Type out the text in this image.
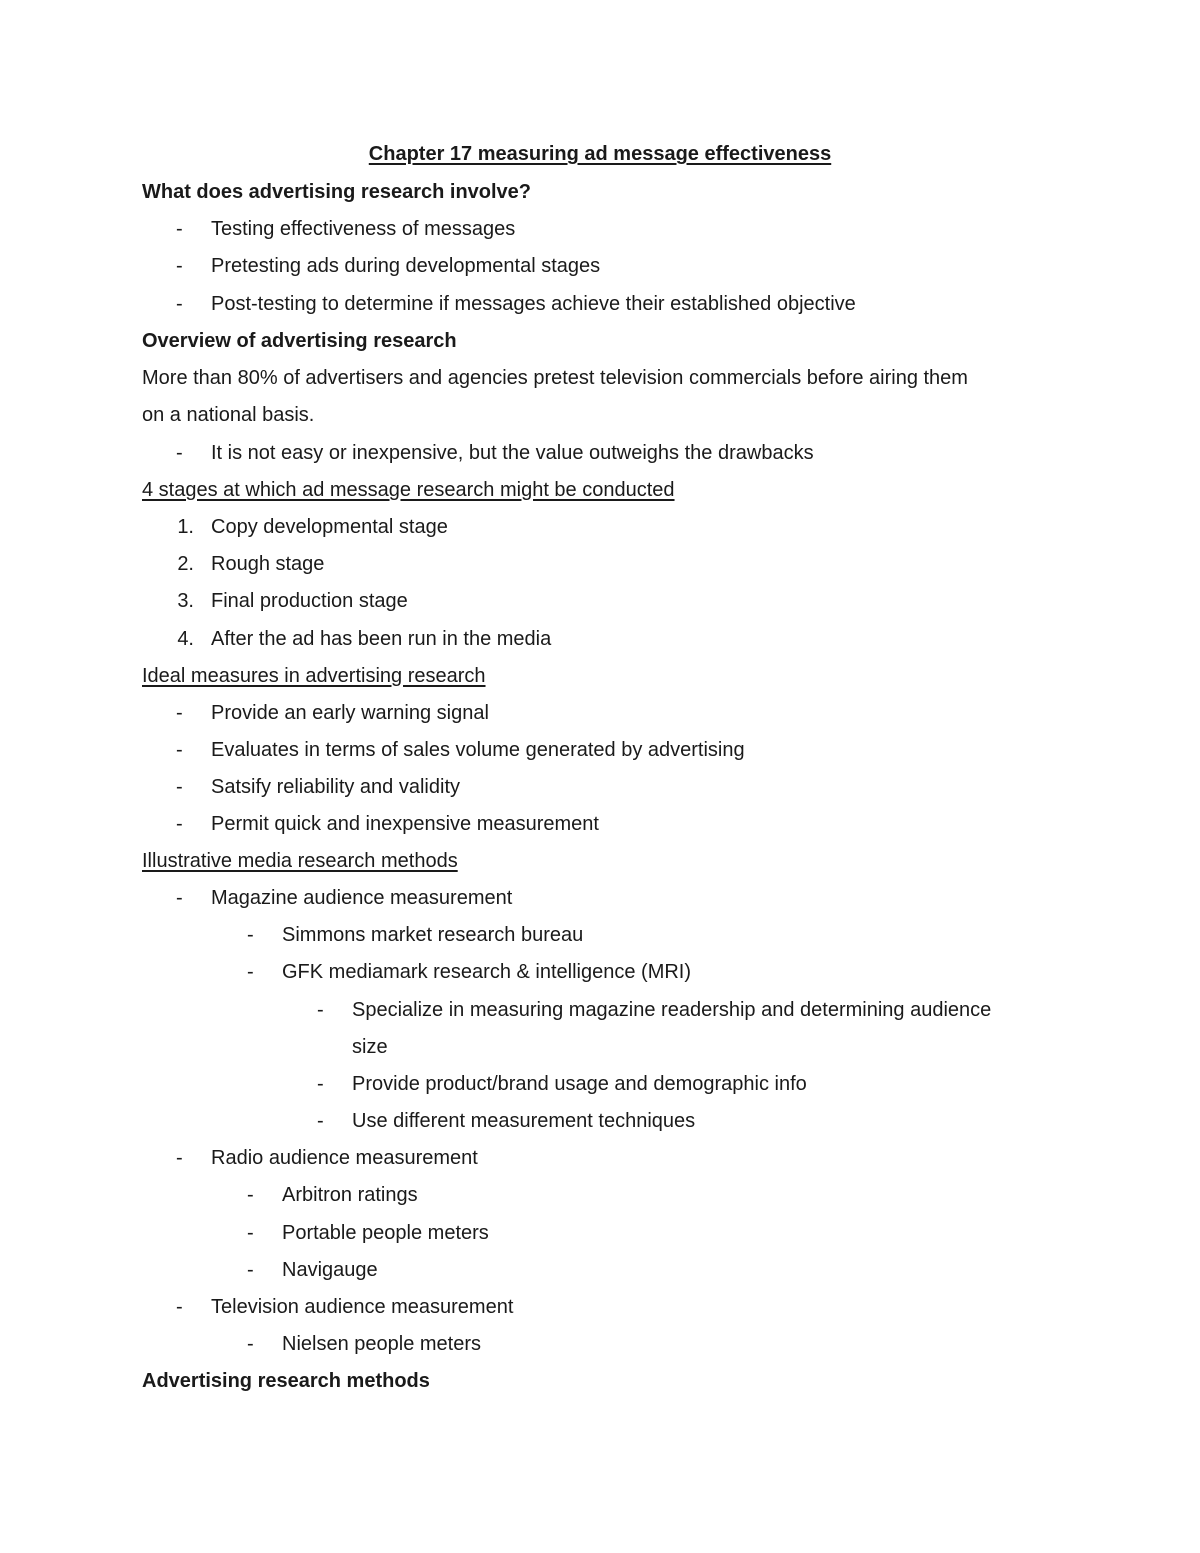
Chapter 17 measuring ad message effectiveness
What does advertising research involve?
- Testing effectiveness of messages
- Pretesting ads during developmental stages
- Post-testing to determine if messages achieve their established objective
Overview of advertising research
More than 80% of advertisers and agencies pretest television commercials before airing them
on a national basis.
- It is not easy or inexpensive, but the value outweighs the drawbacks
4 stages at which ad message research might be conducted
1. Copy developmental stage
2. Rough stage
3. Final production stage
4. After the ad has been run in the media
Ideal measures in advertising research
- Provide an early warning signal
- Evaluates in terms of sales volume generated by advertising
- Satsify reliability and validity
- Permit quick and inexpensive measurement
Illustrative media research methods
- Magazine audience measurement
- Simmons market research bureau
- GFK mediamark research & intelligence (MRI)
- Specialize in measuring magazine readership and determining audience
size
- Provide product/brand usage and demographic info
- Use different measurement techniques
- Radio audience measurement
- Arbitron ratings
- Portable people meters
- Navigauge
- Television audience measurement
- Nielsen people meters
Advertising research methods
